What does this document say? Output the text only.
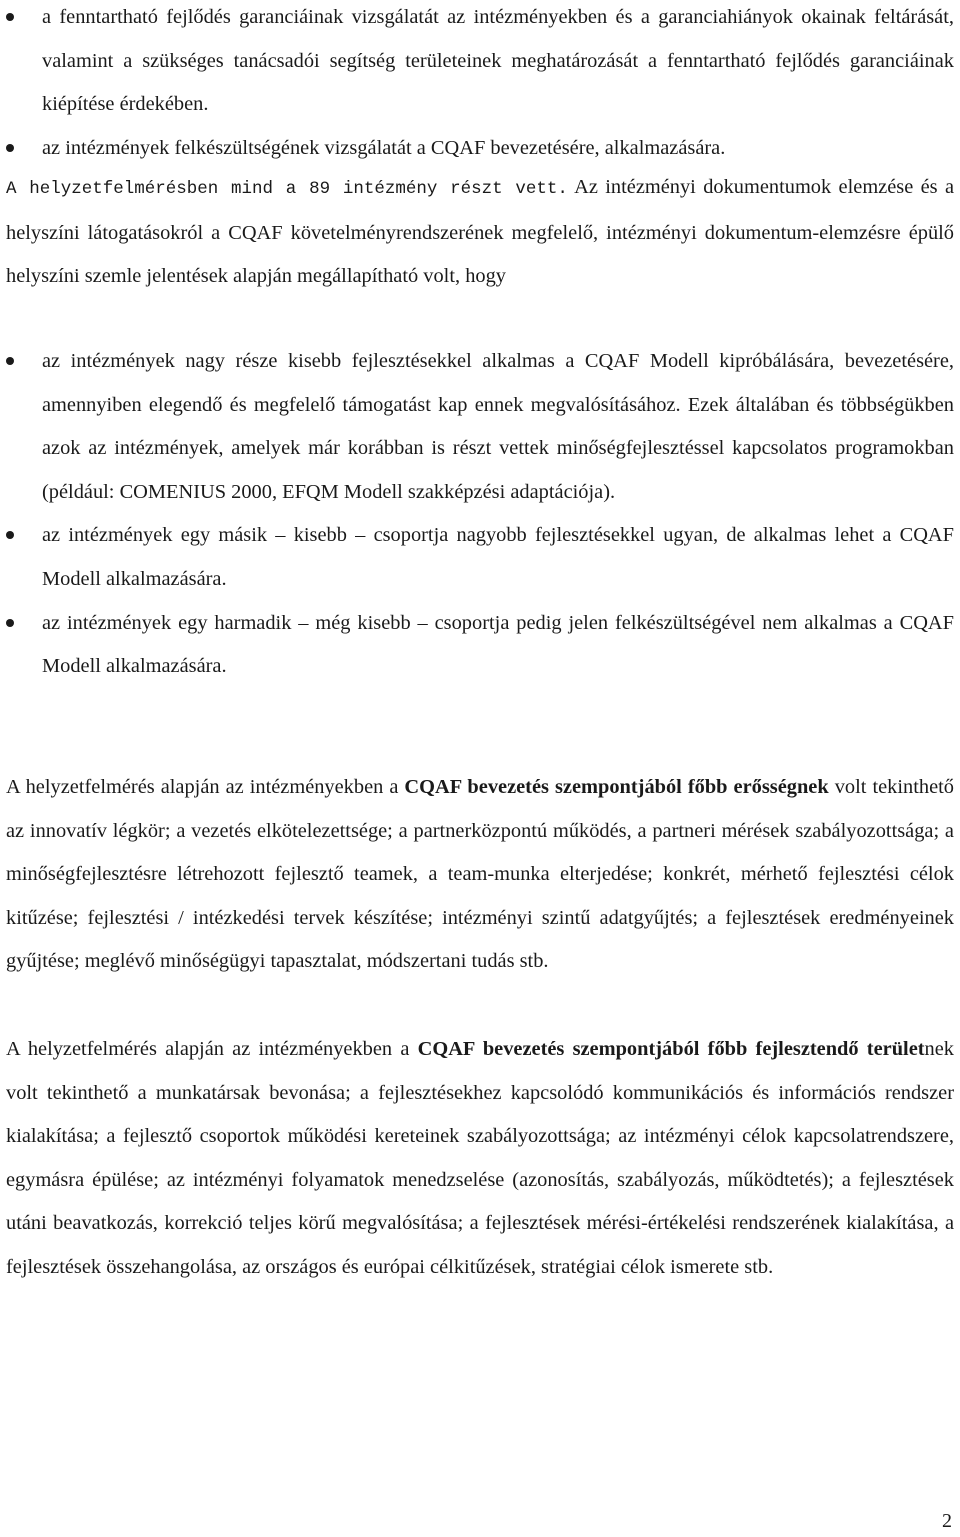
a fenntartható fejlődés garanciáinak vizsgálatát az intézményekben és a garanciahiányok okainak feltárását, valamint a szükséges tanácsadói segítség területeinek meghatározását a fenntartható fejlődés garanciáinak kiépítése érdekében.
az intézmények felkészültségének vizsgálatát a CQAF bevezetésére, alkalmazására.

A helyzetfelmérésben mind a 89 intézmény részt vett. Az intézményi dokumentumok elemzése és a helyszíni látogatásokról a CQAF követelményrendszerének megfelelő, intézményi dokumentum-elemzésre épülő helyszíni szemle jelentések alapján megállapítható volt, hogy

az intézmények nagy része kisebb fejlesztésekkel alkalmas a CQAF Modell kipróbálására, bevezetésére, amennyiben elegendő és megfelelő támogatást kap ennek megvalósításához. Ezek általában és többségükben azok az intézmények, amelyek már korábban is részt vettek minőségfejlesztéssel kapcsolatos programokban (például: COMENIUS 2000, EFQM Modell szakképzési adaptációja).
az intézmények egy másik – kisebb – csoportja nagyobb fejlesztésekkel ugyan, de alkalmas lehet a CQAF Modell alkalmazására.
az intézmények egy harmadik – még kisebb – csoportja pedig jelen felkészültségével nem alkalmas a CQAF Modell alkalmazására.

A helyzetfelmérés alapján az intézményekben a CQAF bevezetés szempontjából főbb erősségnek volt tekinthető az innovatív légkör; a vezetés elkötelezettsége; a partnerközpontú működés, a partneri mérések szabályozottsága; a minőségfejlesztésre létrehozott fejlesztő teamek, a team-munka elterjedése; konkrét, mérhető fejlesztési célok kitűzése; fejlesztési / intézkedési tervek készítése; intézményi szintű adatgyűjtés; a fejlesztések eredményeinek gyűjtése; meglévő minőségügyi tapasztalat, módszertani tudás stb.

A helyzetfelmérés alapján az intézményekben a CQAF bevezetés szempontjából főbb fejlesztendő területnek volt tekinthető a munkatársak bevonása; a fejlesztésekhez kapcsolódó kommunikációs és információs rendszer kialakítása; a fejlesztő csoportok működési kereteinek szabályozottsága; az intézményi célok kapcsolatrendszere, egymásra épülése; az intézményi folyamatok menedzselése (azonosítás, szabályozás, működtetés); a fejlesztések utáni beavatkozás, korrekció teljes körű megvalósítása; a fejlesztések mérési-értékelési rendszerének kialakítása, a fejlesztések összehangolása, az országos és európai célkitűzések, stratégiai célok ismerete stb.

2
